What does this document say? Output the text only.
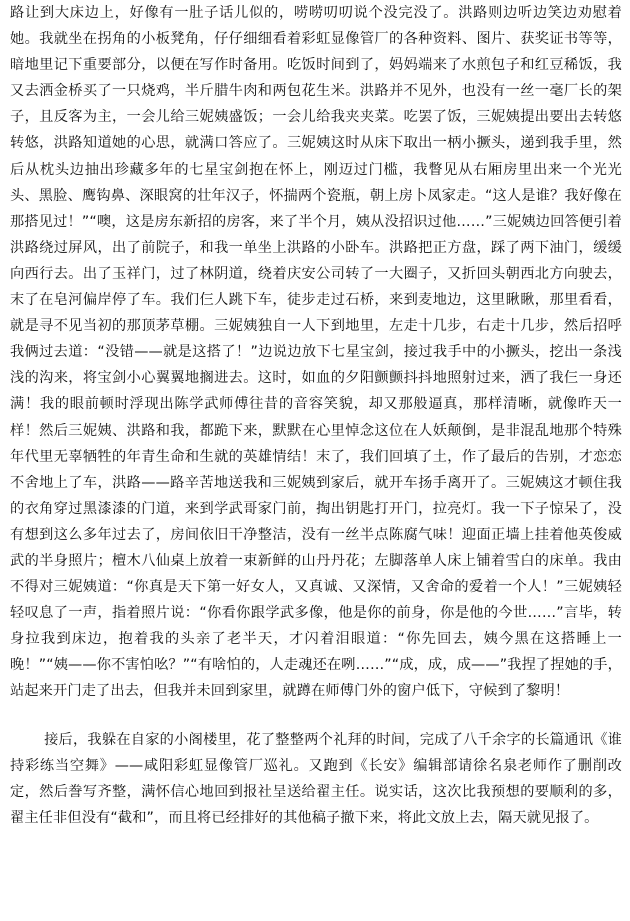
路让到大床边上，好像有一肚子话儿似的，唠唠叨叨说个没完没了。洪路则边听边笑边劝慰着她。我就坐在拐角的小板凳角，仔仔细细看着彩虹显像管厂的各种资料、图片、获奖证书等等，暗地里记下重要部分，以便在写作时备用。吃饭时间到了，妈妈端来了水煎包子和红豆稀饭，我又去洒金桥买了一只烧鸡，半斤腊牛肉和两包花生米。洪路并不见外，也没有一丝一毫厂长的架子，且反客为主，一会儿给三妮姨盛饭；一会儿给我夹夹菜。吃罢了饭，三妮姨提出要出去转悠转悠，洪路知道她的心思，就满口答应了。三妮姨这时从床下取出一柄小撅头，递到我手里，然后从枕头边抽出珍藏多年的七星宝剑抱在怀上，刚迈过门槛，我瞥见从右厢房里出来一个光光头、黑脸、鹰钩鼻、深眼窝的壮年汉子，怀揣两个瓷瓶，朝上房卜凤家走。“这人是谁？我好像在那搭见过！”“噢，这是房东新招的房客，来了半个月，姨从没招识过他……”三妮姨边回答便引着洪路绕过屏风，出了前院子，和我一单坐上洪路的小卧车。洪路把正方盘，踩了两下油门，缓缓向西行去。出了玉祥门，过了林阴道，绕着庆安公司转了一大圈子，又折回头朝西北方向驶去，末了在皂河偏岸停了车。我们仨人跳下车，徒步走过石桥，来到麦地边，这里瞅瞅，那里看看，就是寻不见当初的那顶茅草棚。三妮姨独自一人下到地里，左走十几步，右走十几步，然后招呼我俩过去道：“没错——就是这搭了！”边说边放下七星宝剑，接过我手中的小撅头，挖出一条浅浅的沟来，将宝剑小心翼翼地搁进去。这时，如血的夕阳颤颤抖抖地照射过来，洒了我仨一身还满！我的眼前顿时浮现出陈学武师傅往昔的音容笑貌，却又那般逼真，那样清晰，就像昨天一样！然后三妮姨、洪路和我，都跪下来，默默在心里悼念这位在人妖颠倒，是非混乱地那个特殊年代里无辜牺牲的年青生命和生就的英雄情结！末了，我们回填了土，作了最后的告别，才恋恋不舍地上了车，洪路——路辛苦地送我和三妮姨到家后，就开车扬手离开了。三妮姨这才顿住我的衣角穿过黑漆漆的门道，来到学武哥家门前，掏出钥匙打开门，拉亮灯。我一下子惊呆了，没有想到这么多年过去了，房间依旧干净整洁，没有一丝半点陈腐气味！迎面正墙上挂着他英俊威武的半身照片；檀木八仙桌上放着一束新鲜的山丹丹花；左脚落单人床上铺着雪白的床单。我由不得对三妮姨道：“你真是天下第一好女人，又真诚、又深情，又舍命的爱着一个人！”三妮姨轻轻叹息了一声，指着照片说：“你看你跟学武多像，他是你的前身，你是他的今世……”言毕，转身拉我到床边，抱着我的头亲了老半天，才闪着泪眼道：“你先回去，姨今黑在这搭睡上一晚！”“姨——你不害怕吆？”“有啥怕的，人走魂还在咧……”“成，成，成——”我捏了捏她的手，站起来开门走了出去，但我并未回到家里，就蹲在师傅门外的窗户低下，守候到了黎明！

接后，我躲在自家的小阁楼里，花了整整两个礼拜的时间，完成了八千余字的长篇通讯《谁持彩练当空舞》——咸阳彩虹显像管厂巡礼。又跑到《长安》编辑部请徐名泉老师作了删削改定，然后誊写齐整，满怀信心地回到报社呈送给翟主任。说实话，这次比我预想的要顺利的多，翟主任非但没有“截和”，而且将已经排好的其他稿子撤下来，将此文放上去，隔天就见报了。
